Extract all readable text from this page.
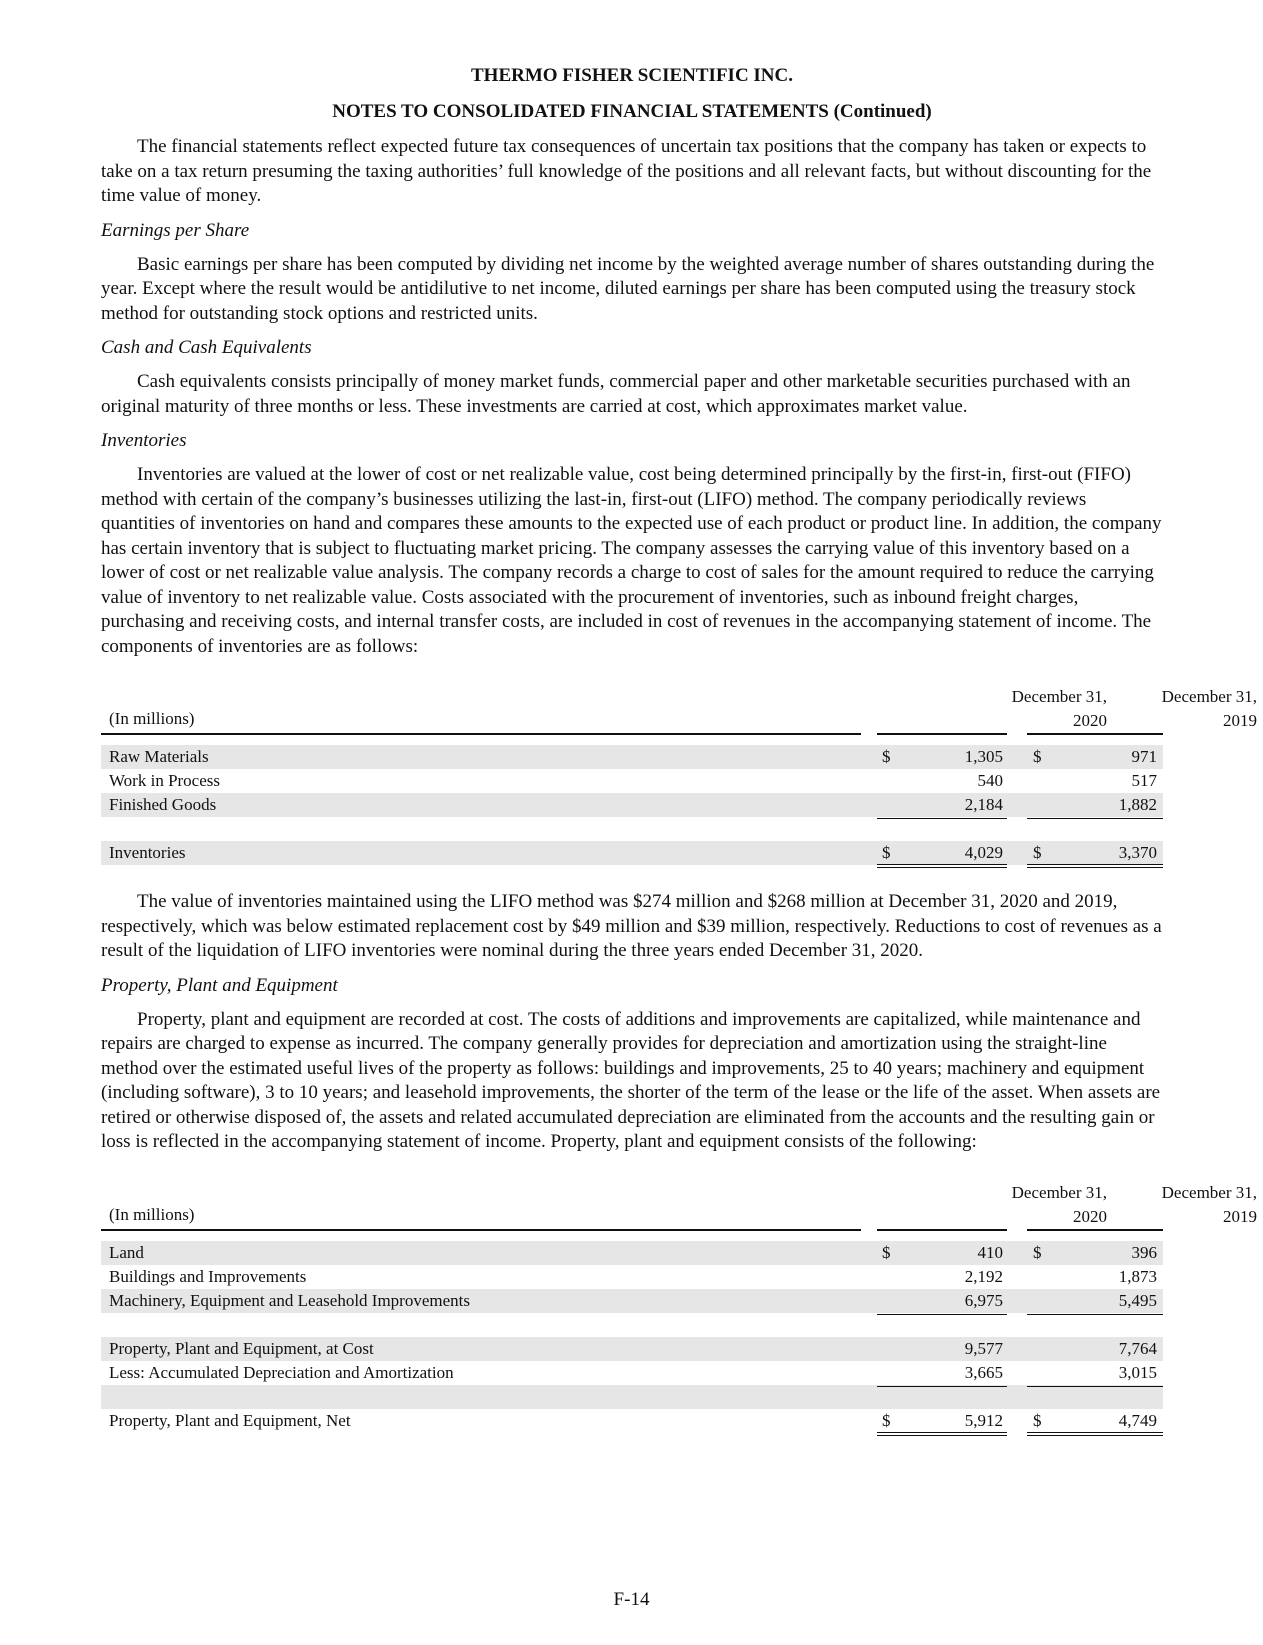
THERMO FISHER SCIENTIFIC INC.
NOTES TO CONSOLIDATED FINANCIAL STATEMENTS (Continued)

The financial statements reflect expected future tax consequences of uncertain tax positions that the company has taken or expects to take on a tax return presuming the taxing authorities’ full knowledge of the positions and all relevant facts, but without discounting for the time value of money.

Earnings per Share

Basic earnings per share has been computed by dividing net income by the weighted average number of shares outstanding during the year. Except where the result would be antidilutive to net income, diluted earnings per share has been computed using the treasury stock method for outstanding stock options and restricted units.

Cash and Cash Equivalents

Cash equivalents consists principally of money market funds, commercial paper and other marketable securities purchased with an original maturity of three months or less. These investments are carried at cost, which approximates market value.

Inventories

Inventories are valued at the lower of cost or net realizable value, cost being determined principally by the first-in, first-out (FIFO) method with certain of the company’s businesses utilizing the last-in, first-out (LIFO) method. The company periodically reviews quantities of inventories on hand and compares these amounts to the expected use of each product or product line. In addition, the company has certain inventory that is subject to fluctuating market pricing. The company assesses the carrying value of this inventory based on a lower of cost or net realizable value analysis. The company records a charge to cost of sales for the amount required to reduce the carrying value of inventory to net realizable value. Costs associated with the procurement of inventories, such as inbound freight charges, purchasing and receiving costs, and internal transfer costs, are included in cost of revenues in the accompanying statement of income. The components of inventories are as follows:

December 31,
2020
December 31,
2019
(In millions)
Raw Materials	$	1,305 $	971
Work in Process	540	517
Finished Goods	2,184	1,882
Inventories	$	4,029 $	3,370

The value of inventories maintained using the LIFO method was $274 million and $268 million at December 31, 2020 and 2019, respectively, which was below estimated replacement cost by $49 million and $39 million, respectively. Reductions to cost of revenues as a result of the liquidation of LIFO inventories were nominal during the three years ended December 31, 2020.

Property, Plant and Equipment

Property, plant and equipment are recorded at cost. The costs of additions and improvements are capitalized, while maintenance and repairs are charged to expense as incurred. The company generally provides for depreciation and amortization using the straight-line method over the estimated useful lives of the property as follows: buildings and improvements, 25 to 40 years; machinery and equipment (including software), 3 to 10 years; and leasehold improvements, the shorter of the term of the lease or the life of the asset. When assets are retired or otherwise disposed of, the assets and related accumulated depreciation are eliminated from the accounts and the resulting gain or loss is reflected in the accompanying statement of income. Property, plant and equipment consists of the following:

December 31,
2020
December 31,
2019
(In millions)
Land	$	410 $	396
Buildings and Improvements	2,192	1,873
Machinery, Equipment and Leasehold Improvements	6,975	5,495
Property, Plant and Equipment, at Cost	9,577	7,764
Less: Accumulated Depreciation and Amortization	3,665	3,015
Property, Plant and Equipment, Net	$	5,912 $	4,749
F-14
